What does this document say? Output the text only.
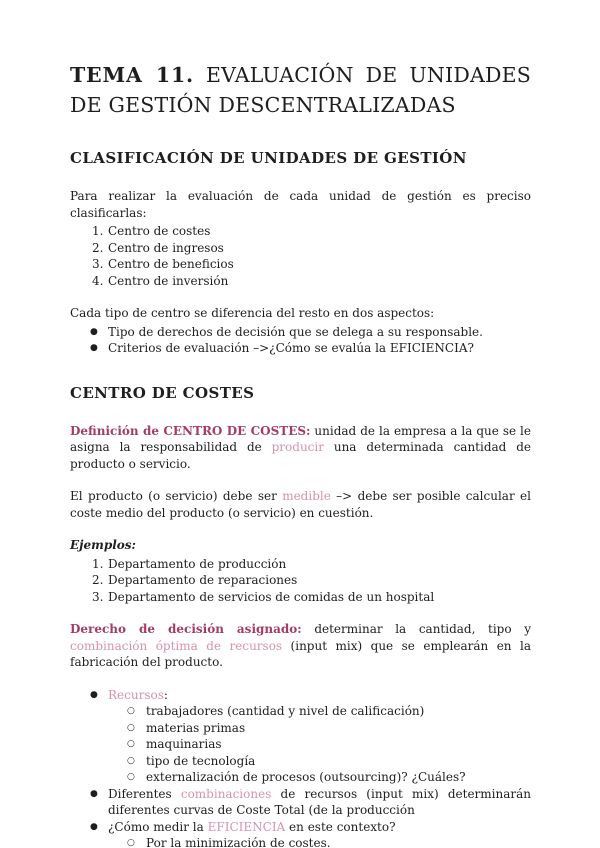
TEMA 11. EVALUACIÓN DE UNIDADES DE GESTIÓN DESCENTRALIZADAS
CLASIFICACIÓN DE UNIDADES DE GESTIÓN

Para realizar la evaluación de cada unidad de gestión es preciso clasificarlas:

1. Centro de costes
2. Centro de ingresos
3. Centro de beneficios
4. Centro de inversión

Cada tipo de centro se diferencia del resto en dos aspectos:

● Tipo de derechos de decisión que se delega a su responsable.
● Criterios de evaluación –>¿Cómo se evalúa la EFICIENCIA?
CENTRO DE COSTES

Definición de CENTRO DE COSTES: unidad de la empresa a la que se le asigna la responsabilidad de producir una determinada cantidad de producto o servicio.

El producto (o servicio) debe ser medible –> debe ser posible calcular el coste medio del producto (o servicio) en cuestión.

Ejemplos:

1. Departamento de producción
2. Departamento de reparaciones
3. Departamento de servicios de comidas de un hospital

Derecho de decisión asignado: determinar la cantidad, tipo y combinación óptima de recursos (input mix) que se emplearán en la fabricación del producto.

● Recursos:
○ trabajadores (cantidad y nivel de calificación)
○ materias primas
○ maquinarias
○ tipo de tecnología
○ externalización de procesos (outsourcing)? ¿Cuáles?
● Diferentes combinaciones de recursos (input mix) determinarán diferentes curvas de Coste Total (de la producción
● ¿Cómo medir la EFICIENCIA en este contexto?
○ Por la minimización de costes.
